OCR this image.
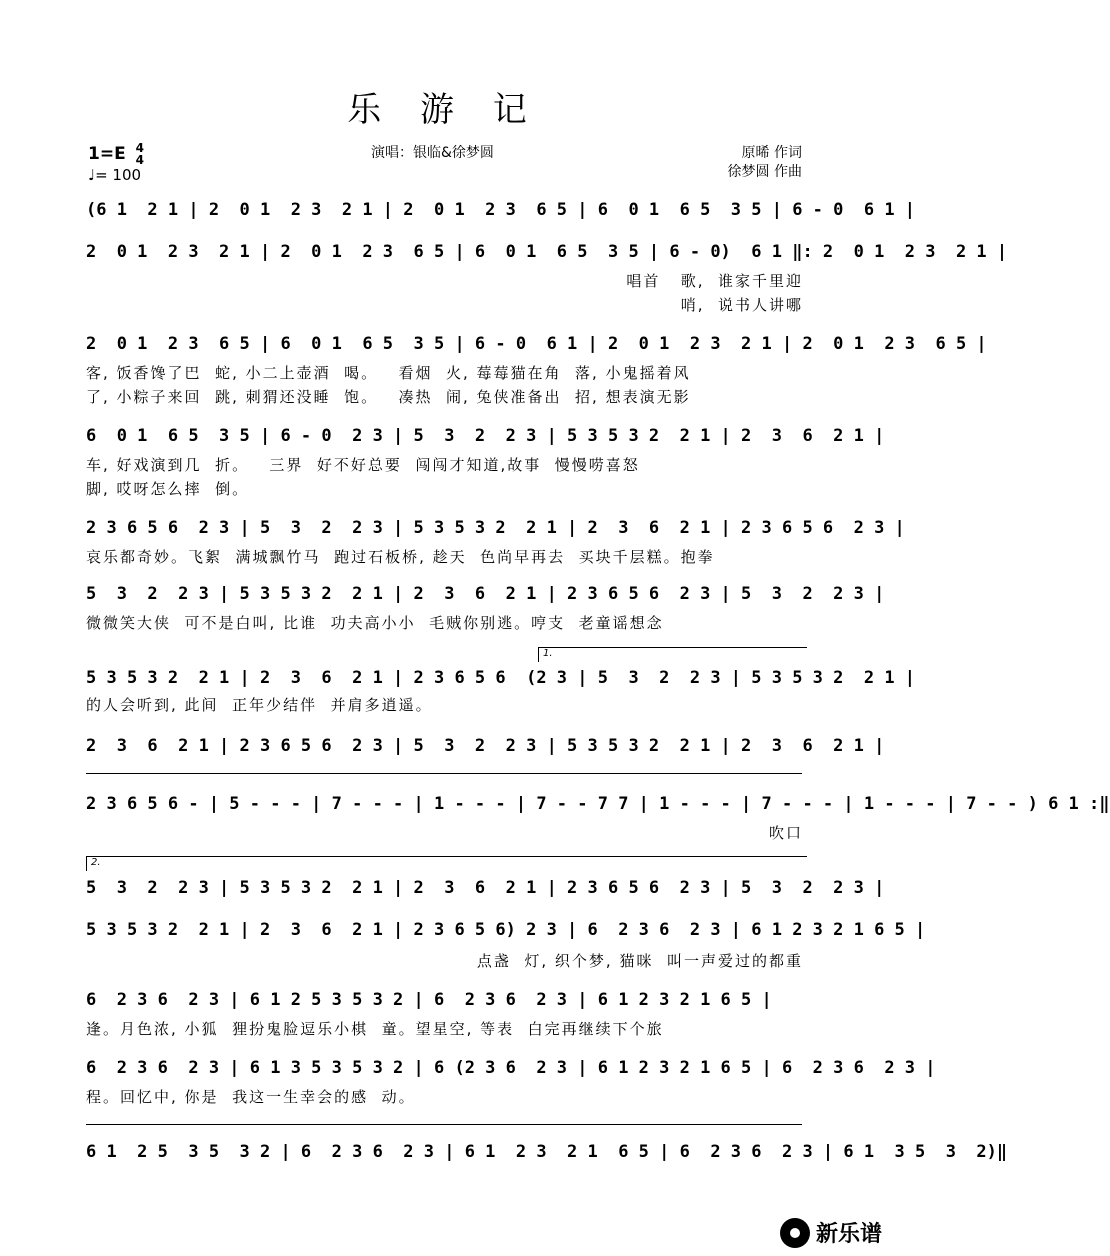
乐 游 记
1=E 4
4
♩= 100
演唱：银临&徐梦圆	原晞 作词
徐梦圆 作曲
(6 1  2 1 | 2  0 1  2 3  2 1 | 2  0 1  2 3  6 5 | 6  0 1  6 5  3 5 | 6 - 0  6 1 |
2  0 1  2 3  2 1 | 2  0 1  2 3  6 5 | 6  0 1  6 5  3 5 | 6 - 0)  6 1 ‖: 2  0 1  2 3  2 1 |
唱首   歌,  谁家千里迎
哨,  说书人讲哪
2  0 1  2 3  6 5 | 6  0 1  6 5  3 5 | 6 - 0  6 1 | 2  0 1  2 3  2 1 | 2  0 1  2 3  6 5 |
客, 饭香馋了巴  蛇, 小二上壶酒  喝。   看烟  火, 莓莓猫在角  落, 小鬼摇着风
了, 小粽子来回  跳, 刺猬还没睡  饱。   凑热  闹, 兔侠准备出  招, 想表演无影
6  0 1  6 5  3 5 | 6 - 0  2 3 | 5  3  2  2 3 | 5 3 5 3 2  2 1 | 2  3  6  2 1 |
车, 好戏演到几  折。   三界  好不好总要  闯闯才知道,故事  慢慢唠喜怒
脚, 哎呀怎么摔  倒。
2 3 6 5 6  2 3 | 5  3  2  2 3 | 5 3 5 3 2  2 1 | 2  3  6  2 1 | 2 3 6 5 6  2 3 |
哀乐都奇妙。飞絮  满城飘竹马  跑过石板桥, 趁天  色尚早再去  买块千层糕。抱拳
5  3  2  2 3 | 5 3 5 3 2  2 1 | 2  3  6  2 1 | 2 3 6 5 6  2 3 | 5  3  2  2 3 |
微微笑大侠  可不是白叫, 比谁  功夫高小小  毛贼你别逃。哼支  老童谣想念
1.
5 3 5 3 2  2 1 | 2  3  6  2 1 | 2 3 6 5 6  (2 3 | 5  3  2  2 3 | 5 3 5 3 2  2 1 |
的人会听到, 此间  正年少结伴  并肩多逍遥。
2  3  6  2 1 | 2 3 6 5 6  2 3 | 5  3  2  2 3 | 5 3 5 3 2  2 1 | 2  3  6  2 1 |
2 3 6 5 6 - | 5 - - - | 7 - - - | 1 - - - | 7 - - 7 7 | 1 - - - | 7 - - - | 1 - - - | 7 - - ) 6 1 :‖
吹口
2.
5  3  2  2 3 | 5 3 5 3 2  2 1 | 2  3  6  2 1 | 2 3 6 5 6  2 3 | 5  3  2  2 3 |
5 3 5 3 2  2 1 | 2  3  6  2 1 | 2 3 6 5 6) 2 3 | 6  2 3 6  2 3 | 6 1 2 3 2 1 6 5 |
点盏  灯, 织个梦, 猫咪  叫一声爱过的都重
6  2 3 6  2 3 | 6 1 2 5 3 5 3 2 | 6  2 3 6  2 3 | 6 1 2 3 2 1 6 5 |
逢。月色浓, 小狐  狸扮鬼脸逗乐小棋  童。望星空, 等表  白完再继续下个旅
6  2 3 6  2 3 | 6 1 3 5 3 5 3 2 | 6 (2 3 6  2 3 | 6 1 2 3 2 1 6 5 | 6  2 3 6  2 3 |
程。回忆中, 你是  我这一生幸会的感  动。
6 1  2 5  3 5  3 2 | 6  2 3 6  2 3 | 6 1  2 3  2 1  6 5 | 6  2 3 6  2 3 | 6 1  3 5  3  2)‖
新乐谱
